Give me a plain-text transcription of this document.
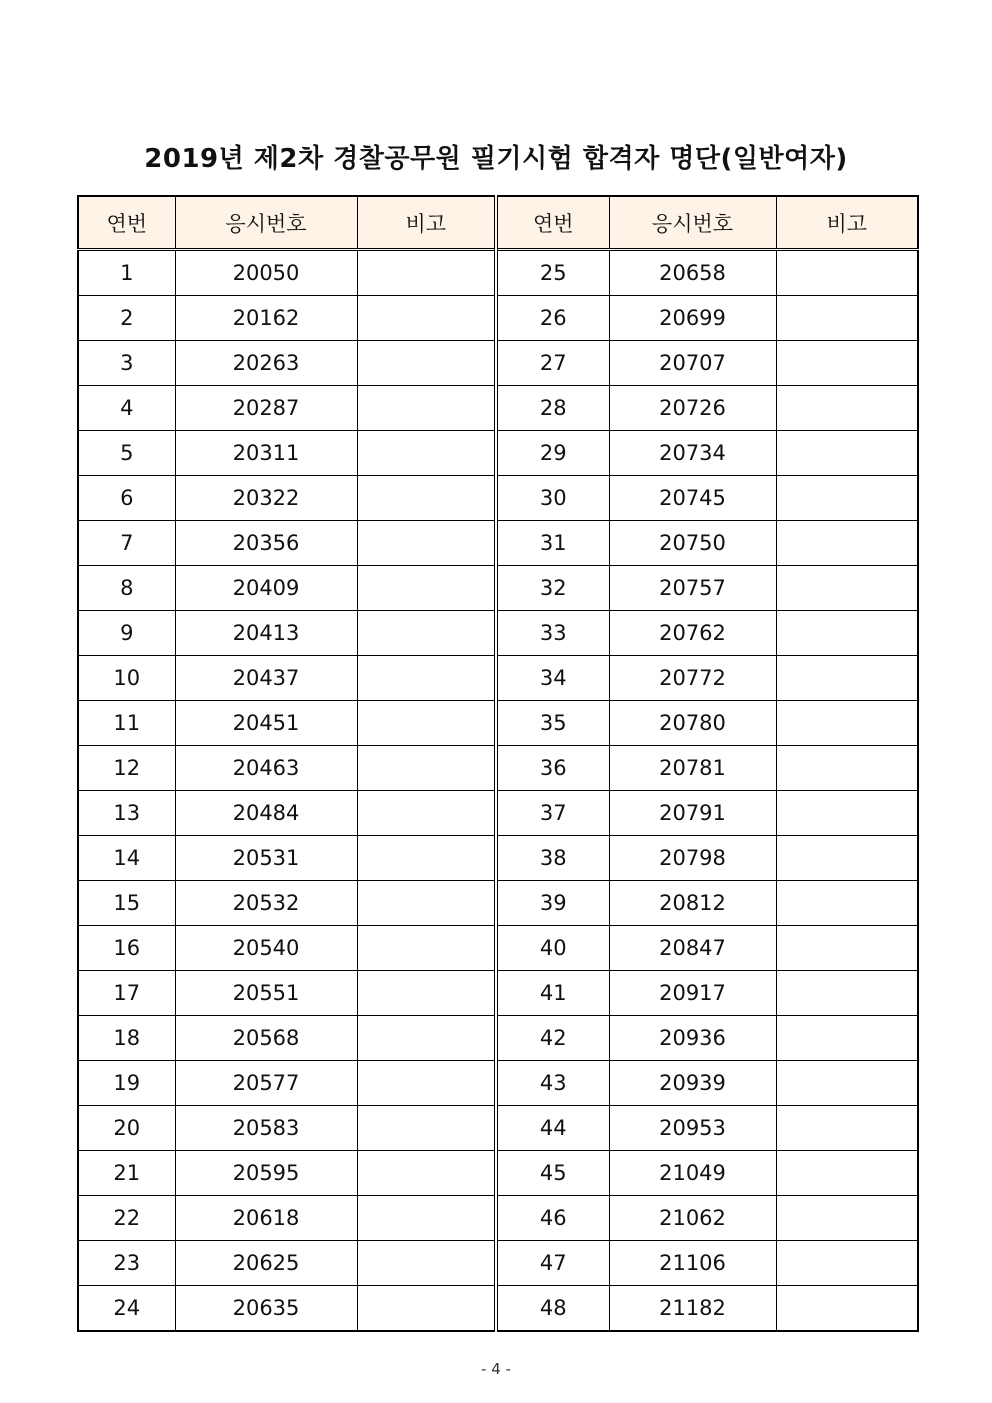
2019년 제2차 경찰공무원 필기시험 합격자 명단(일반여자)
연번	응시번호	비고	연번	응시번호	비고
1	20050		25	20658	
2	20162		26	20699	
3	20263		27	20707	
4	20287		28	20726	
5	20311		29	20734	
6	20322		30	20745	
7	20356		31	20750	
8	20409		32	20757	
9	20413		33	20762	
10	20437		34	20772	
11	20451		35	20780	
12	20463		36	20781	
13	20484		37	20791	
14	20531		38	20798	
15	20532		39	20812	
16	20540		40	20847	
17	20551		41	20917	
18	20568		42	20936	
19	20577		43	20939	
20	20583		44	20953	
21	20595		45	21049	
22	20618		46	21062	
23	20625		47	21106	
24	20635		48	21182	
- 4 -
